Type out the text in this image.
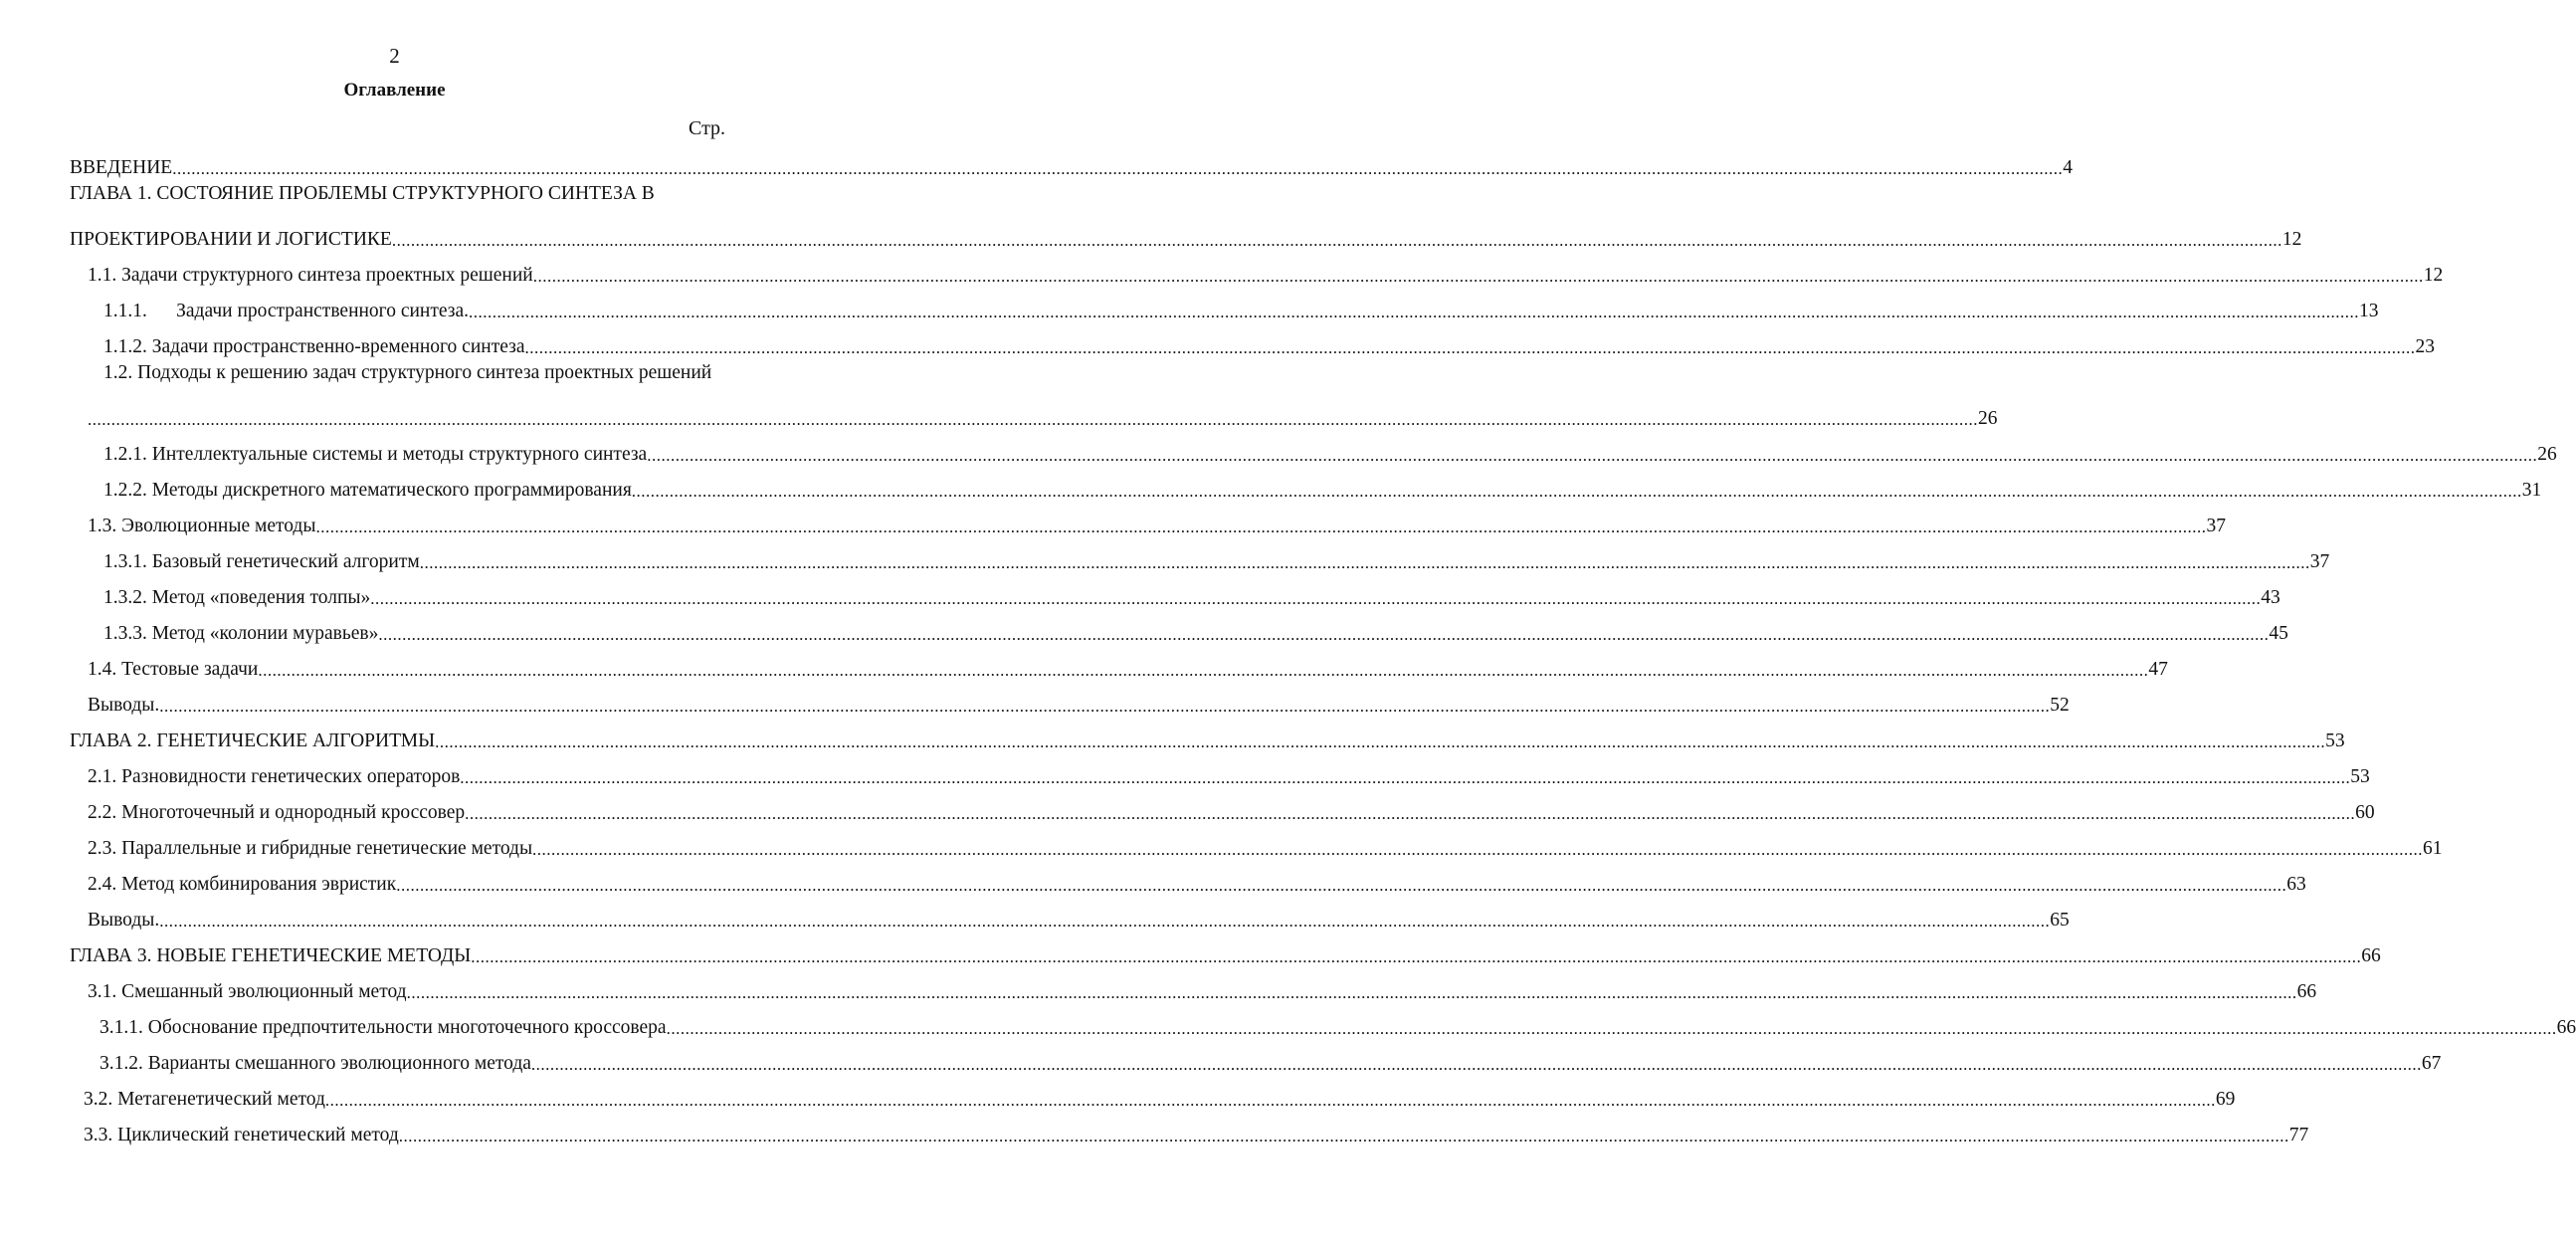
2
Оглавление
Стр.
ВВЕДЕНИЕ ................................................................................................................................................................................................................................................................................................................................................................................................................ 4
ГЛАВА 1. СОСТОЯНИЕ ПРОБЛЕМЫ СТРУКТУРНОГО СИНТЕЗА В
ПРОЕКТИРОВАНИИ И ЛОГИСТИКЕ ................................................................................................................................................................................................................................................................................................................................................................................................................ 12
1.1. Задачи структурного синтеза проектных решений ................................................................................................................................................................................................................................................................................................................................................................................................................ 12
1.1.1.      Задачи пространственного синтеза. ................................................................................................................................................................................................................................................................................................................................................................................................................ 13
1.1.2. Задачи пространственно-временного синтеза ................................................................................................................................................................................................................................................................................................................................................................................................................ 23
1.2. Подходы к решению задач структурного синтеза проектных решений
................................................................................................................................................................................................................................................................................................................................................................................................................ 26
1.2.1. Интеллектуальные системы и методы структурного синтеза ................................................................................................................................................................................................................................................................................................................................................................................................................ 26
1.2.2. Методы дискретного математического программирования ................................................................................................................................................................................................................................................................................................................................................................................................................ 31
1.3. Эволюционные методы ................................................................................................................................................................................................................................................................................................................................................................................................................ 37
1.3.1. Базовый генетический алгоритм ................................................................................................................................................................................................................................................................................................................................................................................................................ 37
1.3.2. Метод «поведения толпы» ................................................................................................................................................................................................................................................................................................................................................................................................................ 43
1.3.3. Метод «колонии муравьев» ................................................................................................................................................................................................................................................................................................................................................................................................................ 45
1.4. Тестовые задачи ................................................................................................................................................................................................................................................................................................................................................................................................................ 47
Выводы. ................................................................................................................................................................................................................................................................................................................................................................................................................ 52
ГЛАВА 2. ГЕНЕТИЧЕСКИЕ АЛГОРИТМЫ ................................................................................................................................................................................................................................................................................................................................................................................................................ 53
2.1. Разновидности генетических операторов ................................................................................................................................................................................................................................................................................................................................................................................................................ 53
2.2. Многоточечный и однородный кроссовер ................................................................................................................................................................................................................................................................................................................................................................................................................ 60
2.3. Параллельные и гибридные генетические методы ................................................................................................................................................................................................................................................................................................................................................................................................................ 61
2.4. Метод комбинирования эвристик ................................................................................................................................................................................................................................................................................................................................................................................................................ 63
Выводы. ................................................................................................................................................................................................................................................................................................................................................................................................................ 65
ГЛАВА 3. НОВЫЕ ГЕНЕТИЧЕСКИЕ МЕТОДЫ ................................................................................................................................................................................................................................................................................................................................................................................................................ 66
3.1. Смешанный эволюционный метод ................................................................................................................................................................................................................................................................................................................................................................................................................ 66
3.1.1. Обоснование предпочтительности многоточечного кроссовера ................................................................................................................................................................................................................................................................................................................................................................................................................ 66
3.1.2. Варианты смешанного эволюционного метода ................................................................................................................................................................................................................................................................................................................................................................................................................ 67
3.2. Метагенетический метод ................................................................................................................................................................................................................................................................................................................................................................................................................ 69
3.3. Циклический генетический метод ................................................................................................................................................................................................................................................................................................................................................................................................................ 77
